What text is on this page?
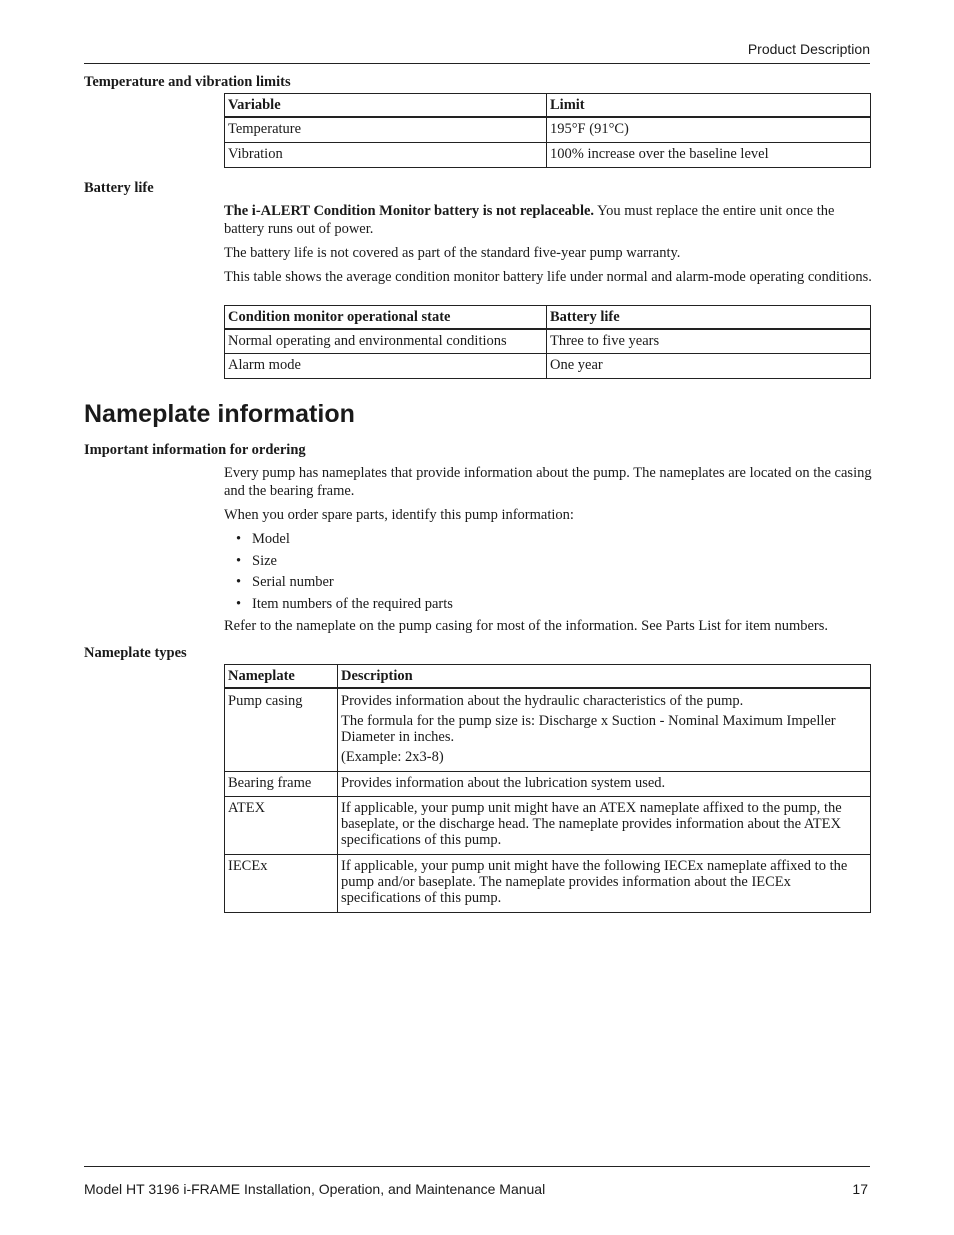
Product Description
Temperature and vibration limits
Variable	Limit
Temperature	195°F (91°C)
Vibration	100% increase over the baseline level
Battery life

The i-ALERT Condition Monitor battery is not replaceable. You must replace the entire unit once the battery runs out of power.

The battery life is not covered as part of the standard five-year pump warranty.

This table shows the average condition monitor battery life under normal and alarm-mode operating conditions.

Condition monitor operational state	Battery life
Normal operating and environmental conditions	Three to five years
Alarm mode	One year
Nameplate information
Important information for ordering

Every pump has nameplates that provide information about the pump. The nameplates are located on the casing and the bearing frame.

When you order spare parts, identify this pump information:

• Model
• Size
• Serial number
• Item numbers of the required parts

Refer to the nameplate on the pump casing for most of the information. See Parts List for item numbers.

Nameplate types
Nameplate	Description
Pump casing	Provides information about the hydraulic characteristics of the pump.

The formula for the pump size is: Discharge x Suction - Nominal Maximum Impeller Diameter in inches.

(Example: 2x3-8)

Bearing frame	Provides information about the lubrication system used.
ATEX	If applicable, your pump unit might have an ATEX nameplate affixed to the pump, the baseplate, or the discharge head. The nameplate provides information about the ATEX specifications of this pump.
IECEx	If applicable, your pump unit might have the following IECEx nameplate affixed to the pump and/or baseplate. The nameplate provides information about the IECEx specifications of this pump.
Model HT 3196 i-FRAME Installation, Operation, and Maintenance Manual	17
